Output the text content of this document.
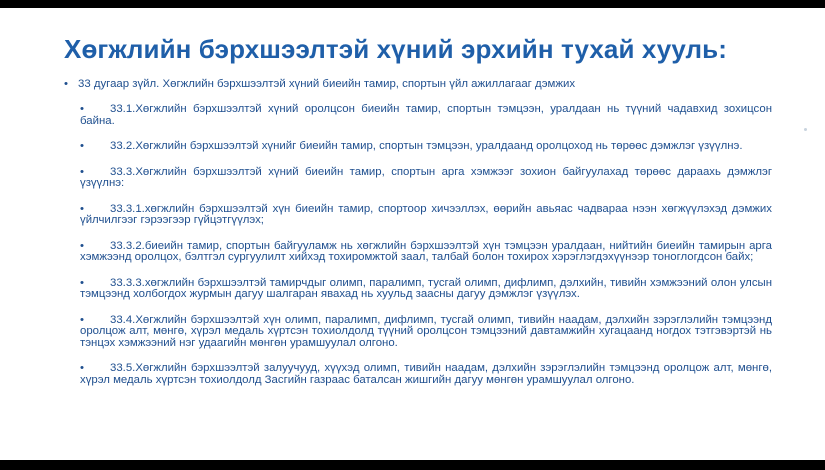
Хөгжлийн бэрхшээлтэй хүний эрхийн тухай хууль:
• 33 дугаар зүйл. Хөгжлийн бэрхшээлтэй хүний биеийн тамир, спортын үйл ажиллагааг дэмжих
•	33.1.Хөгжлийн бэрхшээлтэй хүний оролцсон биеийн тамир, спортын тэмцээн, уралдаан нь түүний чадавхид зохицсон байна.
•	33.2.Хөгжлийн бэрхшээлтэй хүнийг биеийн тамир, спортын тэмцээн, уралдаанд оролцоход нь төрөөс дэмжлэг үзүүлнэ.
•	33.3.Хөгжлийн бэрхшээлтэй хүний биеийн тамир, спортын арга хэмжээг зохион байгуулахад төрөөс дараахь дэмжлэг үзүүлнэ:
•	33.3.1.хөгжлийн бэрхшээлтэй хүн биеийн тамир, спортоор хичээллэх, өөрийн авьяас чадвараа нээн хөгжүүлэхэд дэмжих үйлчилгээг гэрээгээр гүйцэтгүүлэх;
•	33.3.2.биеийн тамир, спортын байгууламж нь хөгжлийн бэрхшээлтэй хүн тэмцээн уралдаан, нийтийн биеийн тамирын арга хэмжээнд оролцох, бэлтгэл сургуулилт хийхэд тохиромжтой заал, талбай болон тохирох хэрэглэгдэхүүнээр тоноглогдсон байх;
•	33.3.3.хөгжлийн бэрхшээлтэй тамирчдыг олимп, паралимп, тусгай олимп, дифлимп, дэлхийн, тивийн хэмжээний олон улсын тэмцээнд холбогдох журмын дагуу шалгаран явахад нь хуульд заасны дагуу дэмжлэг үзүүлэх.
•	33.4.Хөгжлийн бэрхшээлтэй хүн олимп, паралимп, дифлимп, тусгай олимп, тивийн наадам, дэлхийн зэрэглэлийн тэмцээнд оролцож алт, мөнгө, хүрэл медаль хүртсэн тохиолдолд түүний оролцсон тэмцээний давтамжийн хугацаанд ногдох тэтгэвэртэй нь тэнцэх хэмжээний нэг удаагийн мөнгөн урамшуулал олгоно.
•	33.5.Хөгжлийн бэрхшээлтэй залуучууд, хүүхэд олимп, тивийн наадам, дэлхийн зэрэглэлийн тэмцээнд оролцож алт, мөнгө, хүрэл медаль хүртсэн тохиолдолд Засгийн газраас баталсан жишгийн дагуу мөнгөн урамшуулал олгоно.
